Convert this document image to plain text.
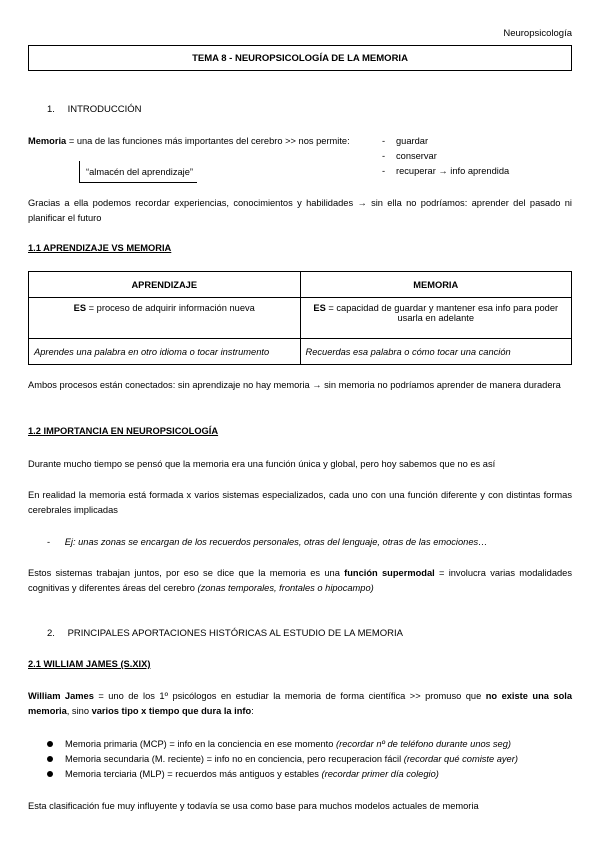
Neuropsicología
TEMA 8 - NEUROPSICOLOGÍA DE LA MEMORIA
1. INTRODUCCIÓN
Memoria = una de las funciones más importantes del cerebro >> nos permite:	-
-
-
guardar
conservar
recuperar → info aprendida
“almacén del aprendizaje”
Gracias a ella podemos recordar experiencias, conocimientos y habilidades → sin ella no podríamos: aprender del pasado ni planificar el futuro
1.1 APRENDIZAJE VS MEMORIA
APRENDIZAJE	MEMORIA
ES = proceso de adquirir información nueva	ES = capacidad de guardar y mantener esa info para poder usarla en adelante
Aprendes una palabra en otro idioma o tocar instrumento	Recuerdas esa palabra o cómo tocar una canción
Ambos procesos están conectados: sin aprendizaje no hay memoria → sin memoria no podríamos aprender de manera duradera
1.2 IMPORTANCIA EN NEUROPSICOLOGÍA
Durante mucho tiempo se pensó que la memoria era una función única y global, pero hoy sabemos que no es así
En realidad la memoria está formada x varios sistemas especializados, cada uno con una función diferente y con distintas formas cerebrales implicadas
- Ej: unas zonas se encargan de los recuerdos personales, otras del lenguaje, otras de las emociones…
Estos sistemas trabajan juntos, por eso se dice que la memoria es una función supermodal = involucra varias modalidades cognitivas y diferentes áreas del cerebro (zonas temporales, frontales o hipocampo)
2. PRINCIPALES APORTACIONES HISTÓRICAS AL ESTUDIO DE LA MEMORIA
2.1 WILLIAM JAMES (S.XIX)
William James = uno de los 1º psicólogos en estudiar la memoria de forma científica >> promuso que no existe una sola memoria, sino varios tipo x tiempo que dura la info:
Memoria primaria (MCP) = info en la conciencia en ese momento (recordar nº de teléfono durante unos seg)
Memoria secundaria (M. reciente) = info no en conciencia, pero recuperacion fácil (recordar qué comiste ayer)
Memoria terciaria (MLP) = recuerdos más antiguos y estables (recordar primer día colegio)
Esta clasificación fue muy influyente y todavía se usa como base para muchos modelos actuales de memoria
